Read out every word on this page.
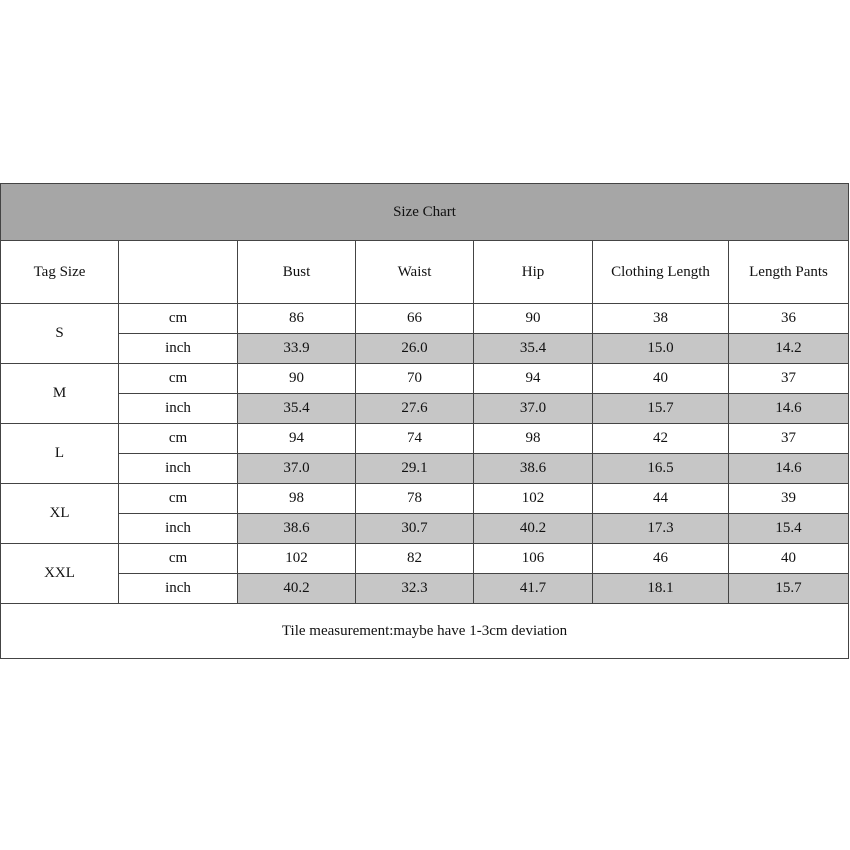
Size Chart						
Tag Size		Bust	Waist	Hip	Clothing Length	Length Pants
S	cm	86	66	90	38	36
	inch	33.9	26.0	35.4	15.0	14.2
M	cm	90	70	94	40	37
	inch	35.4	27.6	37.0	15.7	14.6
L	cm	94	74	98	42	37
	inch	37.0	29.1	38.6	16.5	14.6
XL	cm	98	78	102	44	39
	inch	38.6	30.7	40.2	17.3	15.4
XXL	cm	102	82	106	46	40
	inch	40.2	32.3	41.7	18.1	15.7
Tile measurement:maybe have 1-3cm deviation						
